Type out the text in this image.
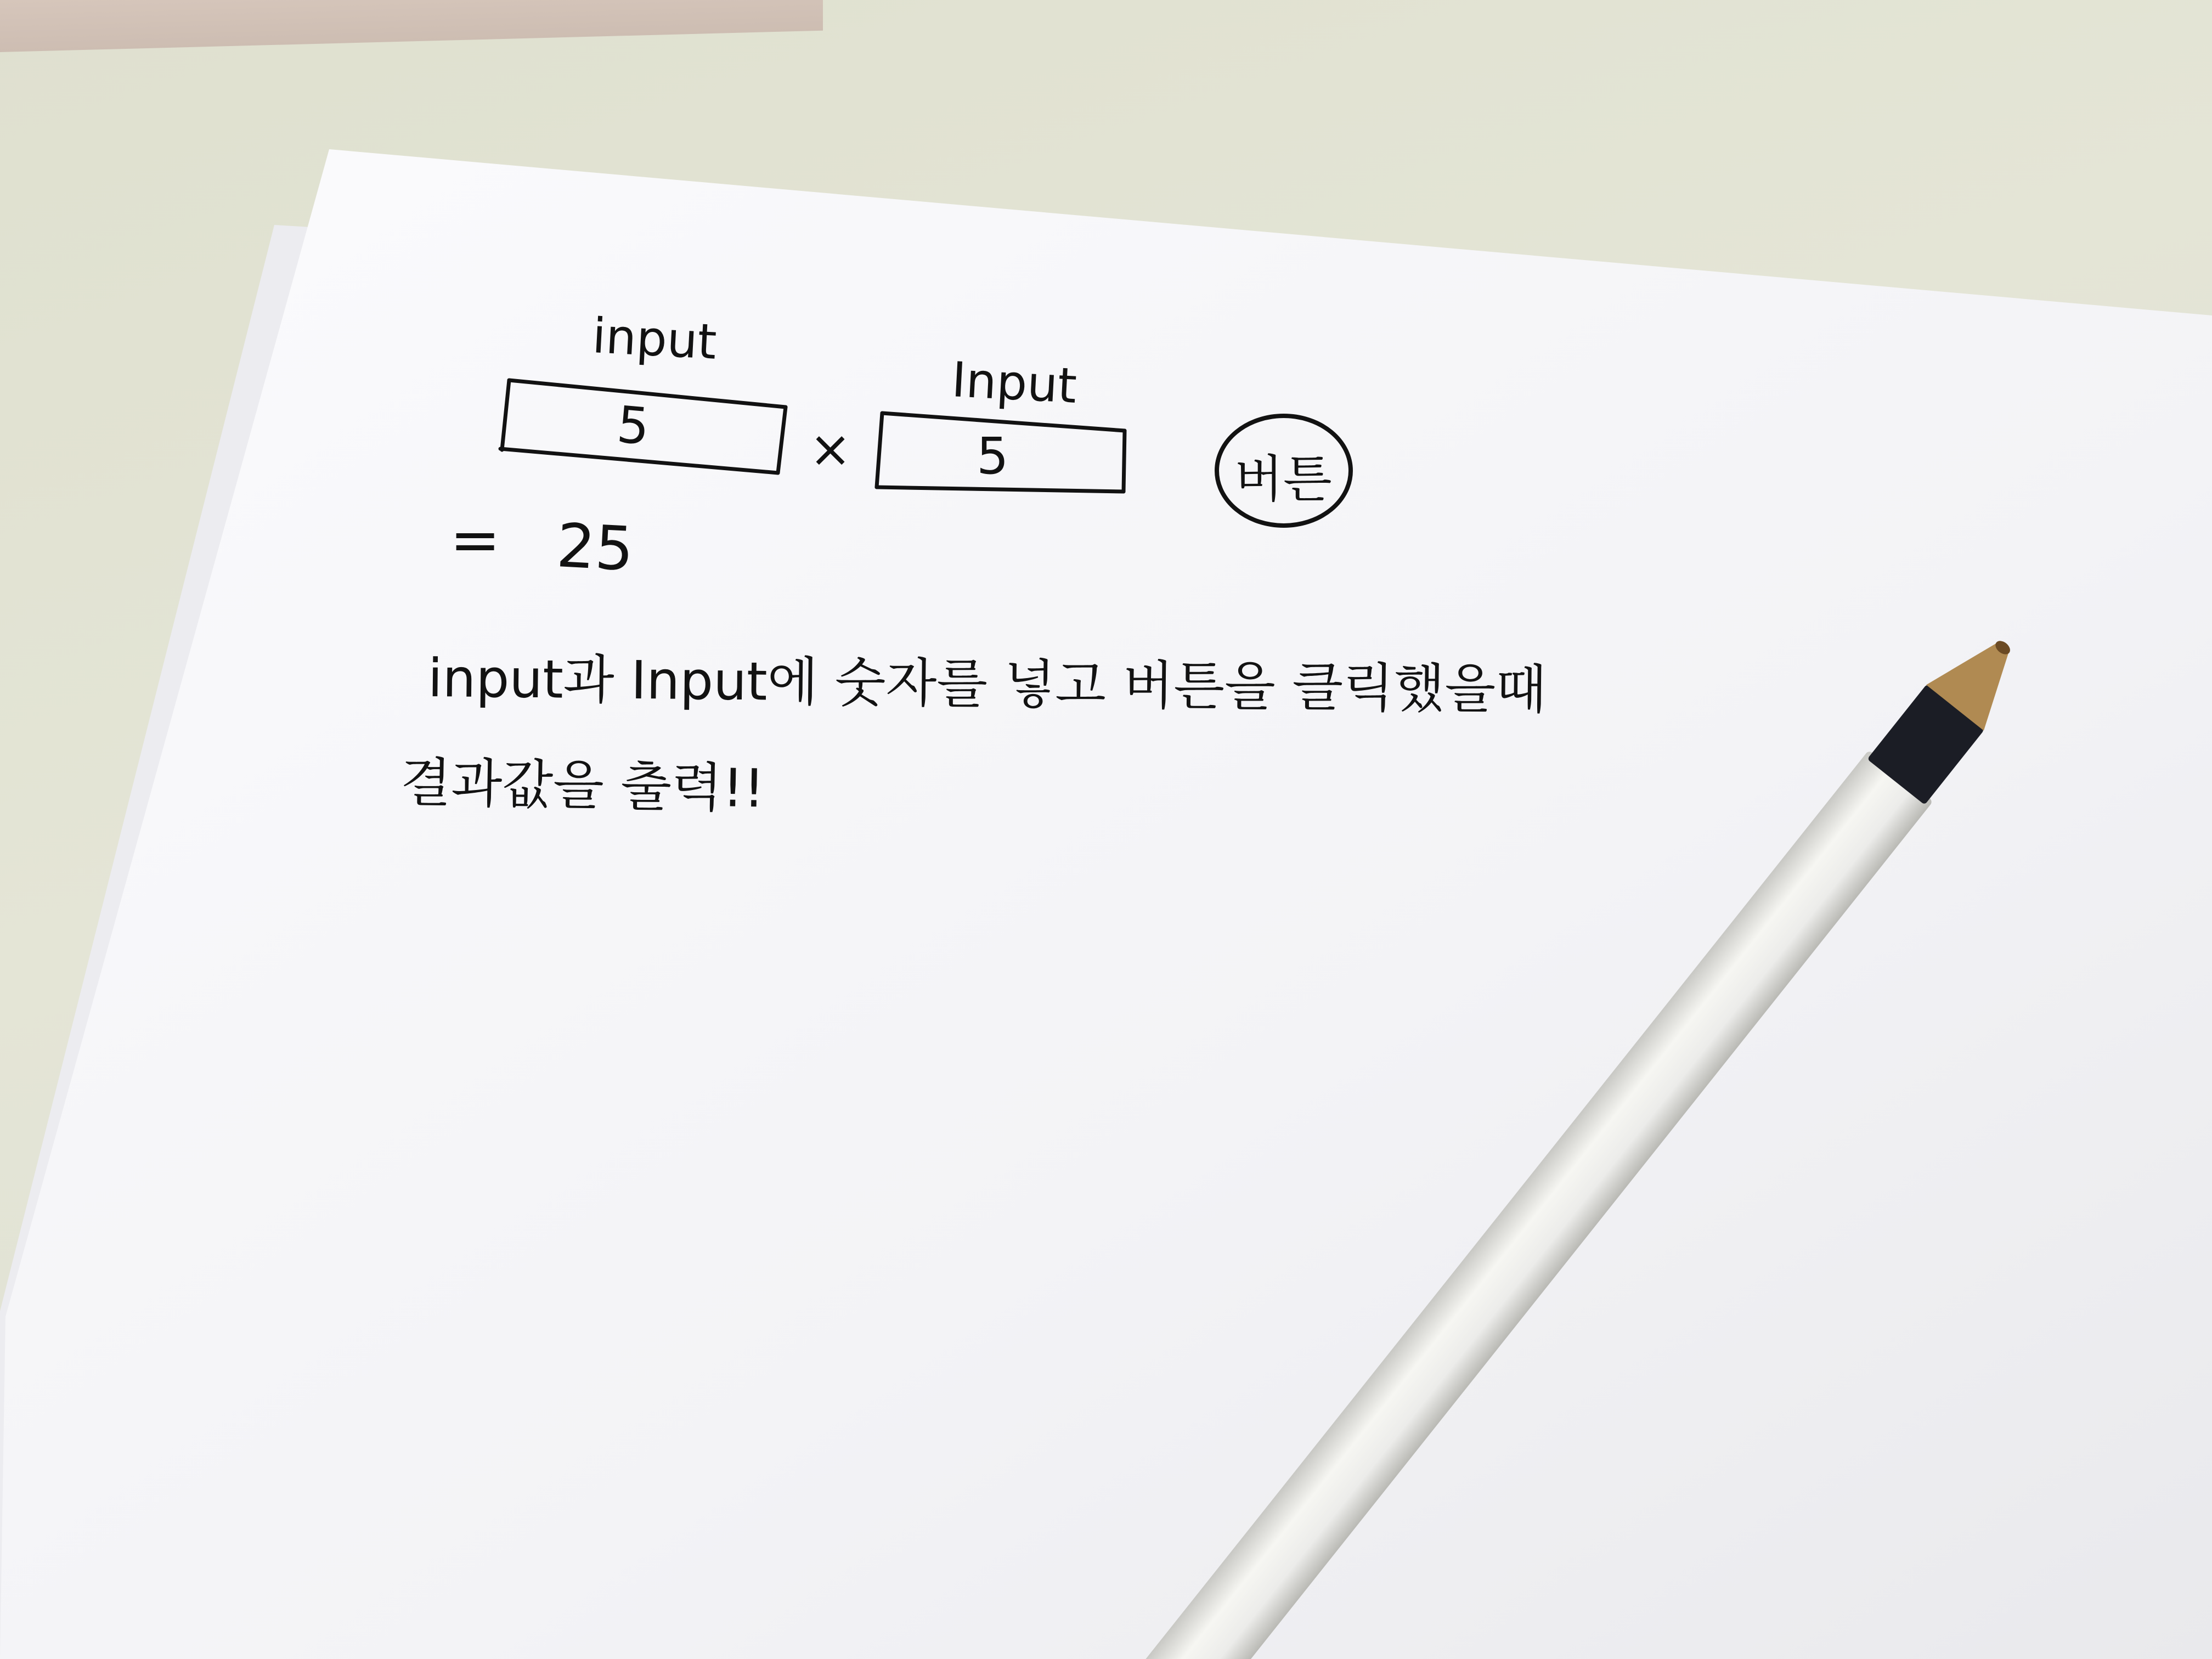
input
5	×
Input
5	버튼
= 25
input과 Input에 숫자를 넣고 버튼을 클릭했을때
결과값을 출력!!
